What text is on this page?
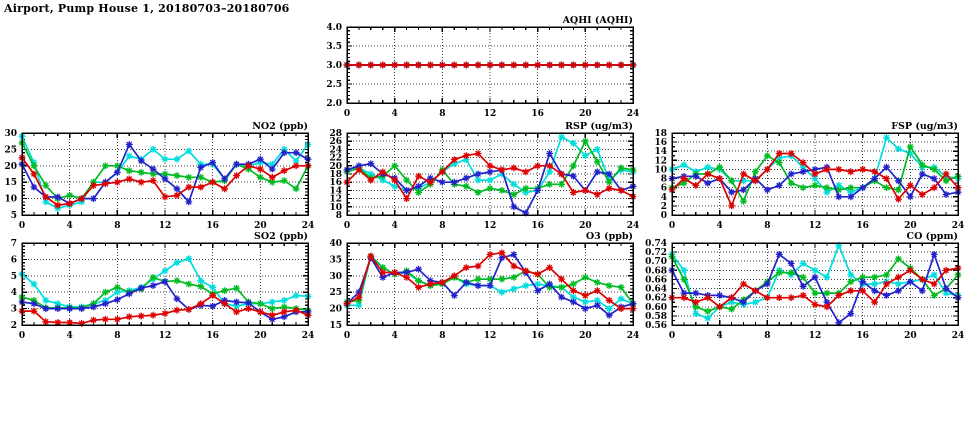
Airport, Pump House 1, 20180703–20180706
2.0
2.5
3.0
3.5
4.0
0	4	8	12	16	20	24
AQHI (AQHI)
5
10
15
20
25
30
0	4	8	12	16	20	24
NO2 (ppb)
8
10
12
14
16
18
20
22
24
26
28
0	4	8	12	16	20	24
RSP (ug/m3)
0
2
4
6
8
10
12
14
16
18
0	4	8	12	16	20	24
FSP (ug/m3)
2
3
4
5
6
7
0	4	8	12	16	20	24
SO2 (ppb)
15
20
25
30
35
40
0	4	8	12	16	20	24
O3 (ppb)
0.56
0.58
0.60
0.62
0.64
0.66
0.68
0.70
0.72
0.74
0	4	8	12	16	20	24
CO (ppm)
